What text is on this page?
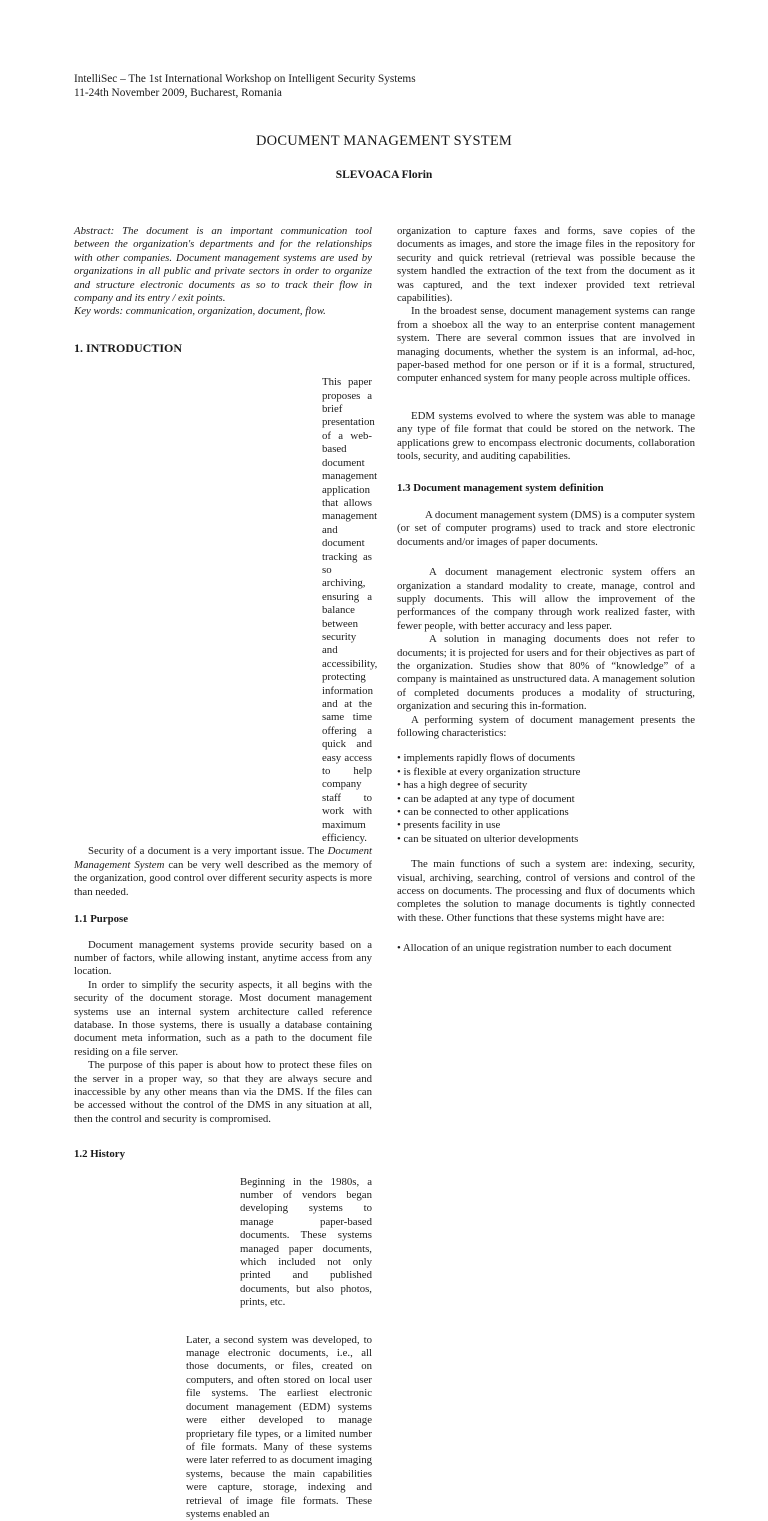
IntelliSec – The 1st International Workshop on Intelligent Security Systems
11-24th November 2009, Bucharest, Romania
DOCUMENT MANAGEMENT SYSTEM
SLEVOACA Florin

Abstract: The document is an important communication tool between the organization's departments and for the relationships with other companies. Document management systems are used by organizations in all public and private sectors in order to organize and structure electronic documents as so to track their flow in company and its entry / exit points.

Key words: communication, organization, document, flow.

1. INTRODUCTION

This paper proposes a brief presentation of a web-based document management application that allows management and document tracking as so archiving, ensuring a balance between security and accessibility, protecting information and at the same time offering a quick and easy access to help company staff to work with maximum efficiency.

Security of a document is a very important issue. The Document Management System can be very well described as the memory of the organization, good control over different security aspects is more than needed.

1.1 Purpose

Document management systems provide security based on a number of factors, while allowing instant, anytime access from any location.

In order to simplify the security aspects, it all begins with the security of the document storage. Most document management systems use an internal system architecture called reference database. In those systems, there is usually a database containing document meta information, such as a path to the document file residing on a file server.

The purpose of this paper is about how to protect these files on the server in a proper way, so that they are always secure and inaccessible by any other means than via the DMS. If the files can be accessed without the control of the DMS in any situation at all, then the control and security is compromised.

1.2 History

Beginning in the 1980s, a number of vendors began developing systems to manage paper-based documents. These systems managed paper documents, which included not only printed and published documents, but also photos, prints, etc.

Later, a second system was developed, to manage electronic documents, i.e., all those documents, or files, created on computers, and often stored on local user file systems. The earliest electronic document management (EDM) systems were either developed to manage proprietary file types, or a limited number of file formats. Many of these systems were later referred to as document imaging systems, because the main capabilities were capture, storage, indexing and retrieval of image file formats. These systems enabled an

organization to capture faxes and forms, save copies of the documents as images, and store the image files in the repository for security and quick retrieval (retrieval was possible because the system handled the extraction of the text from the document as it was captured, and the text indexer provided text retrieval capabilities).

In the broadest sense, document management systems can range from a shoebox all the way to an enterprise content management system. There are several common issues that are involved in managing documents, whether the system is an informal, ad-hoc, paper-based method for one person or if it is a formal, structured, computer enhanced system for many people across multiple offices.

EDM systems evolved to where the system was able to manage any type of file format that could be stored on the network. The applications grew to encompass electronic documents, collaboration tools, security, and auditing capabilities.

1.3 Document management system definition

A document management system (DMS) is a computer system (or set of computer programs) used to track and store electronic documents and/or images of paper documents.

A document management electronic system offers an organization a standard modality to create, manage, control and supply documents. This will allow the improvement of the performances of the company through work realized faster, with fewer people, with better accuracy and less paper.

A solution in managing documents does not refer to documents; it is projected for users and for their objectives as part of the organization. Studies show that 80% of “knowledge” of a company is maintained as unstructured data. A management solution of completed documents produces a modality of structuring, organization and securing this in-formation.

A performing system of document management presents the following characteristics:

• implements rapidly flows of documents
• is flexible at every organization structure
• has a high degree of security
• can be adapted at any type of document
• can be connected to other applications
• presents facility in use
• can be situated on ulterior developments

The main functions of such a system are: indexing, security, visual, archiving, searching, control of versions and control of the access on documents. The processing and flux of documents which completes the solution to manage documents is tightly connected with these. Other functions that these systems might have are:

• Allocation of an unique registration number to each document
